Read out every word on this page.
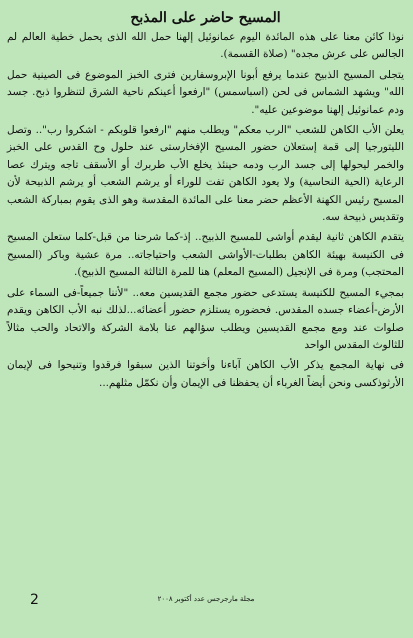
المسيح حاضر على المذبح

نوذا كائن معنا على هذه المائدة اليوم عمانوئيل إلهنا حمل الله الذى يحمل خطية العالم لم الجالس على عرش مجده" (صلاة القسمة).

يتجلى المسيح الذبيح عندما يرفع أبونا الإبروسفارين فترى الخبز الموضوع فى الصينية حمل الله" ويشهد الشماس فى لحن (اسباسمس) "ارفعوا أعينكم ناحية الشرق لتنظروا ذبح. جسد ودم عمانوئيل إلهنا موضوعين عليه".

يعلن الأب الكاهن للشعب "الرب معكم" ويطلب منهم "ارفعوا قلوبكم - اشكروا رب".. وتصل الليتورجيا إلى قمة إستعلان حضور المسيح الإفخارستى عند حلول وح القدس على الخبز والخمر ليحولها إلى جسد الرب ودمه حينئذ يخلع الأب طربرك أو الأسقف تاجه ويترك عصا الرعاية (الحية النحاسية) ولا يعود الكاهن تفت للوراء أو يرشم الشعب أو يرشم الذبيحة لأن المسيح رئيس الكهنة الأعظم حضر معنا على المائدة المقدسة وهو الذى يقوم بمباركة الشعب وتقديس ذبيحة سه.

يتقدم الكاهن ثانية ليقدم أواشى للمسيح الذبيح.. إذ-كما شرحنا من قبل-كلما ستعلن المسيح فى الكنيسة بهيئة الكاهن بطلبات-الأواشى الشعب واحتياجاته.. مرة عشية وباكر (المسيح المحتجب) ومرة فى الإنجيل (المسيح المعلم) هنا للمرة الثالثة المسيح الذبيح).

بمجيء المسيح للكنيسة يستدعى حضور مجمع القديسين معه.. "لأننا جميعاً-فى السماء على الأرض-أعضاء جسده المقدس. فحضوره يستلزم حضور أعضائه...لذلك نبه الأب الكاهن ويقدم صلوات عند ومع مجمع القديسين ويطلب سؤالهم عنا بلامة الشركة والاتحاد والحب مثالاً للثالوث المقدس الواحد

فى نهاية المجمع يذكر الأب الكاهن آباءنا وأخوتنا الذين سبقوا فرقدوا وتنيحوا فى لإيمان الأرثوذكسى ونحن أيضاً الغرباء أن يحفظنا فى الإيمان وأن نكمّل مثلهم...

2	مجلة مارجرجس عدد أكتوبر ٢٠٠٨
